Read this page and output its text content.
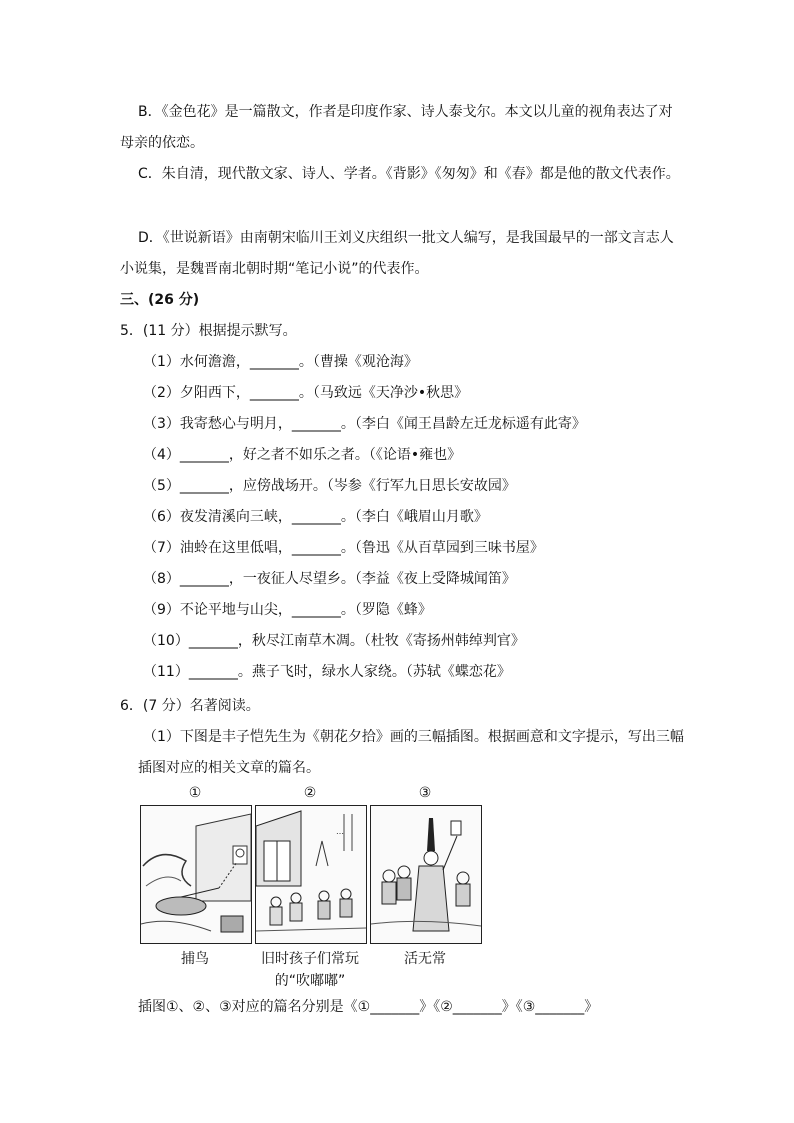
B．《金色花》是一篇散文，作者是印度作家、诗人泰戈尔。本文以儿童的视角表达了对
母亲的依恋。
C．朱自清，现代散文家、诗人、学者。《背影》《匆匆》和《春》都是他的散文代表作。
D．《世说新语》由南朝宋临川王刘义庆组织一批文人编写，是我国最早的一部文言志人
小说集，是魏晋南北朝时期“笔记小说”的代表作。
三、(26 分)
5．(11 分）根据提示默写。
（1）水何澹澹，_______。（曹操《观沧海》
（2）夕阳西下，_______。（马致远《天净沙•秋思》
（3）我寄愁心与明月，_______。（李白《闻王昌龄左迁龙标遥有此寄》
（4）_______，好之者不如乐之者。（《论语•雍也》
（5）_______，应傍战场开。（岑参《行军九日思长安故园》
（6）夜发清溪向三峡，_______。（李白《峨眉山月歌》
（7）油蛉在这里低唱，_______。（鲁迅《从百草园到三味书屋》
（8）_______，一夜征人尽望乡。（李益《夜上受降城闻笛》
（9）不论平地与山尖，_______。（罗隐《蜂》
（10）_______，秋尽江南草木凋。（杜牧《寄扬州韩绰判官》
（11）_______。燕子飞时，绿水人家绕。（苏轼《蝶恋花》
6．(7 分）名著阅读。
（1）下图是丰子恺先生为《朝花夕拾》画的三幅插图。根据画意和文字提示，写出三幅
插图对应的相关文章的篇名。
①	②	③
⋯
捕鸟	旧时孩子们常玩的“吹嘟嘟”
活无常
插图①、②、③对应的篇名分别是《①_______》《②_______》《③_______》
